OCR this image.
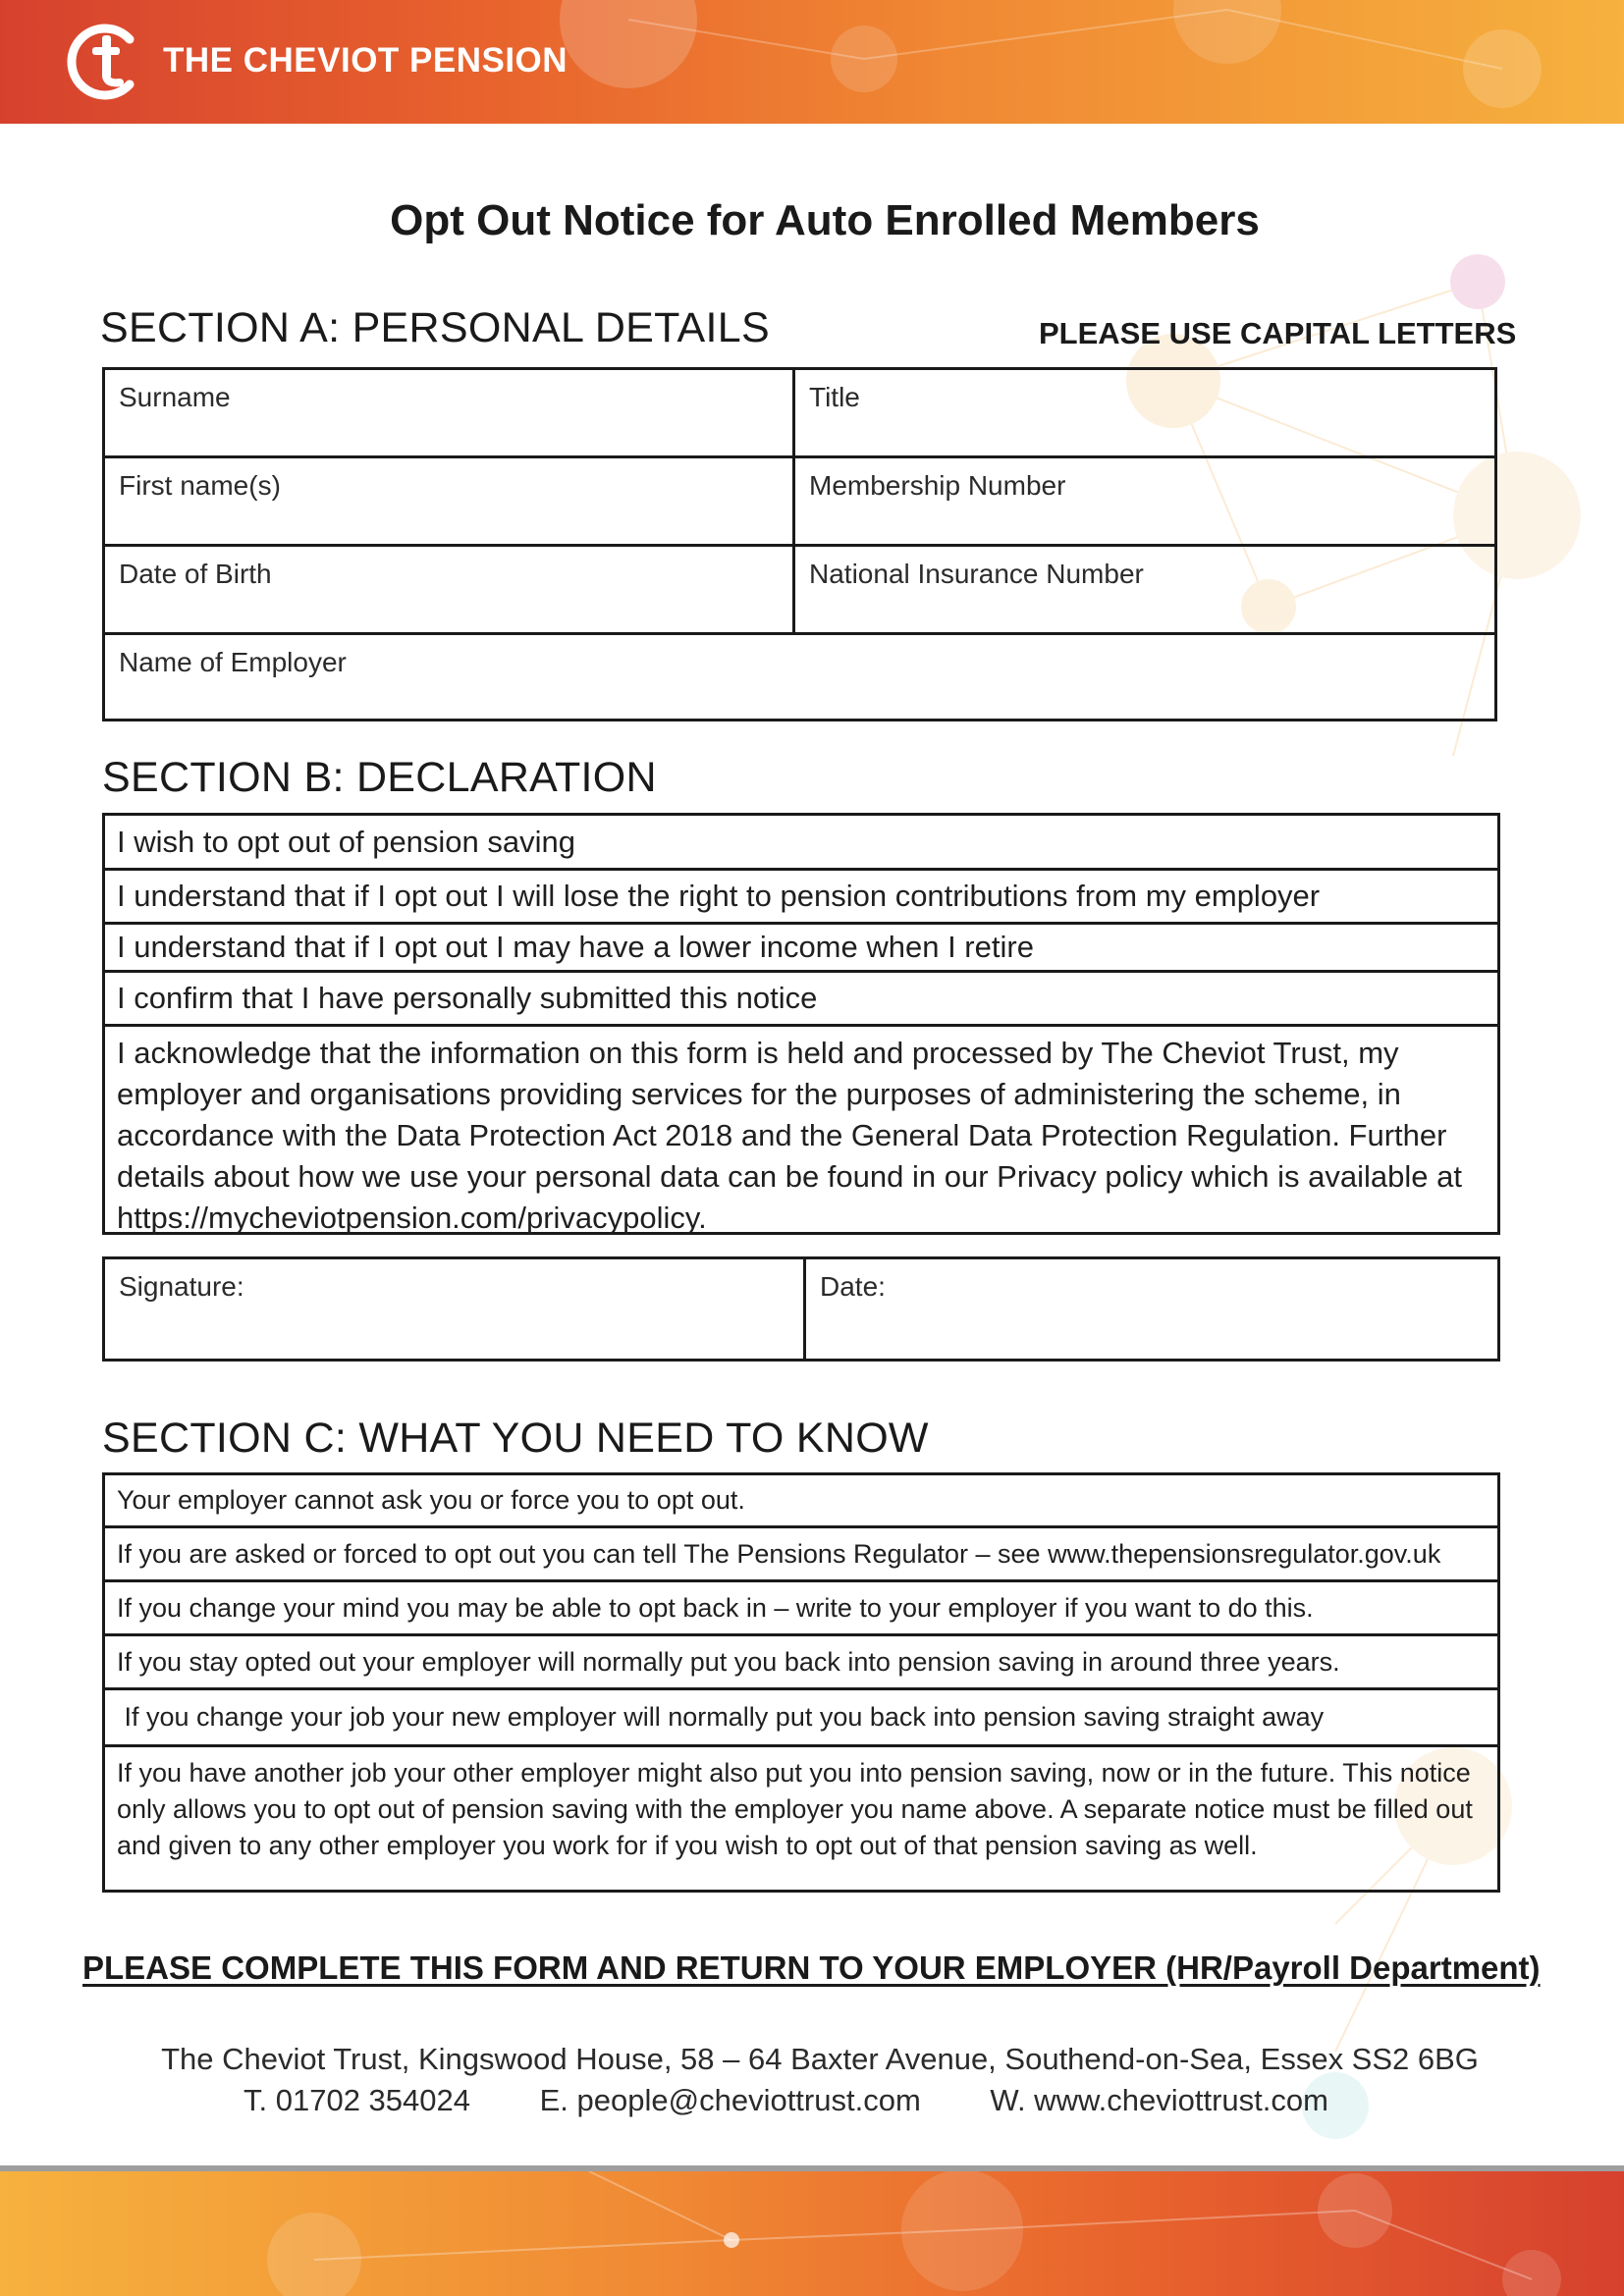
THE CHEVIOT PENSION
Opt Out Notice for Auto Enrolled Members
SECTION A: PERSONAL DETAILS	PLEASE USE CAPITAL LETTERS
Surname	Title
First name(s)	Membership Number
Date of Birth	National Insurance Number
Name of Employer
SECTION B: DECLARATION
I wish to opt out of pension saving
I understand that if I opt out I will lose the right to pension contributions from my employer
I understand that if I opt out I may have a lower income when I retire
I confirm that I have personally submitted this notice
I acknowledge that the information on this form is held and processed by The Cheviot Trust, my employer and organisations providing services for the purposes of administering the scheme, in accordance with the Data Protection Act 2018 and the General Data Protection Regulation. Further details about how we use your personal data can be found in our Privacy policy which is available at https://mycheviotpension.com/privacypolicy.
Signature:	Date:
SECTION C: WHAT YOU NEED TO KNOW
Your employer cannot ask you or force you to opt out.
If you are asked or forced to opt out you can tell The Pensions Regulator – see www.thepensionsregulator.gov.uk
If you change your mind you may be able to opt back in – write to your employer if you want to do this.
If you stay opted out your employer will normally put you back into pension saving in around three years.
If you change your job your new employer will normally put you back into pension saving straight away
If you have another job your other employer might also put you into pension saving, now or in the future. This notice only allows you to opt out of pension saving with the employer you name above. A separate notice must be filled out and given to any other employer you work for if you wish to opt out of that pension saving as well.
PLEASE COMPLETE THIS FORM AND RETURN TO YOUR EMPLOYER (HR/Payroll Department)
The Cheviot Trust, Kingswood House, 58 – 64 Baxter Avenue, Southend-on-Sea, Essex SS2 6BG
T. 01702 354024 E. people@cheviottrust.com W. www.cheviottrust.com
